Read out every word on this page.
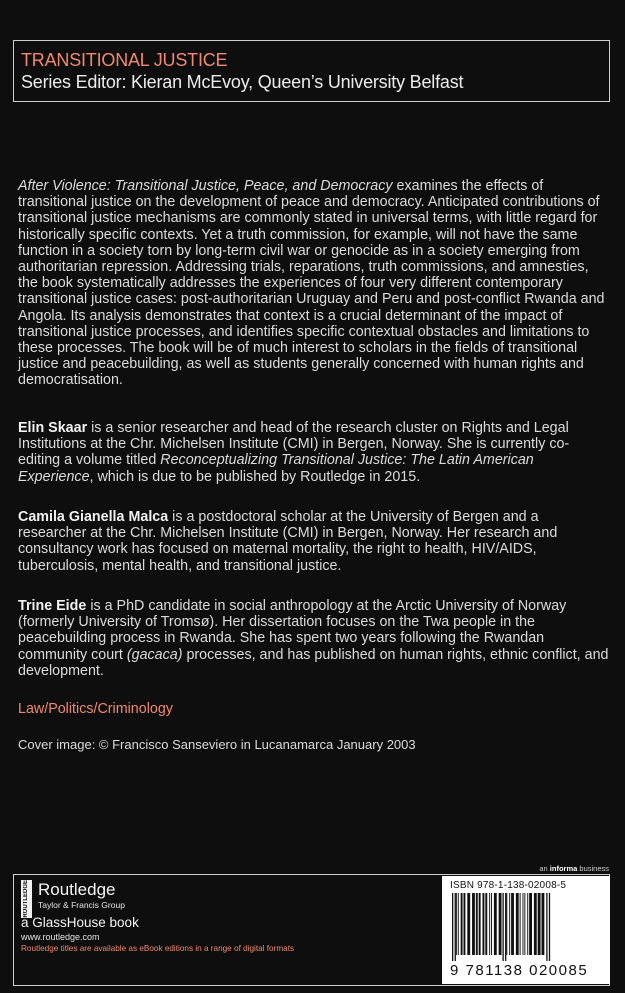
TRANSITIONAL JUSTICE
Series Editor: Kieran McEvoy, Queen’s University Belfast

After Violence: Transitional Justice, Peace, and Democracy examines the effects of transitional justice on the development of peace and democracy. Anticipated contributions of transitional justice mechanisms are commonly stated in universal terms, with little regard for historically specific contexts. Yet a truth commission, for example, will not have the same function in a society torn by long-term civil war or genocide as in a society emerging from authoritarian repression. Addressing trials, reparations, truth commissions, and amnesties, the book systematically addresses the experiences of four very different contemporary transitional justice cases: post-authoritarian Uruguay and Peru and post-conflict Rwanda and Angola. Its analysis demonstrates that context is a crucial determinant of the impact of transitional justice processes, and identifies specific contextual obstacles and limitations to these processes. The book will be of much interest to scholars in the fields of transitional justice and peacebuilding, as well as students generally concerned with human rights and democratisation.

Elin Skaar is a senior researcher and head of the research cluster on Rights and Legal Institutions at the Chr. Michelsen Institute (CMI) in Bergen, Norway. She is currently co-editing a volume titled Reconceptualizing Transitional Justice: The Latin American Experience, which is due to be published by Routledge in 2015.

Camila Gianella Malca is a postdoctoral scholar at the University of Bergen and a researcher at the Chr. Michelsen Institute (CMI) in Bergen, Norway. Her research and consultancy work has focused on maternal mortality, the right to health, HIV/AIDS, tuberculosis, mental health, and transitional justice.

Trine Eide is a PhD candidate in social anthropology at the Arctic University of Norway (formerly University of Tromsø). Her dissertation focuses on the Twa people in the peacebuilding process in Rwanda. She has spent two years following the Rwandan community court (gacaca) processes, and has published on human rights, ethnic conflict, and development.

Law/Politics/Criminology
Cover image: © Francisco Sanseviero in Lucanamarca January 2003
an informa business
ROUTLEDGE Routledge
Taylor & Francis Group
a GlassHouse book
www.routledge.com
Routledge titles are available as eBook editions in a range of digital formats
ISBN 978-1-138-02008-5
9 781138 020085
